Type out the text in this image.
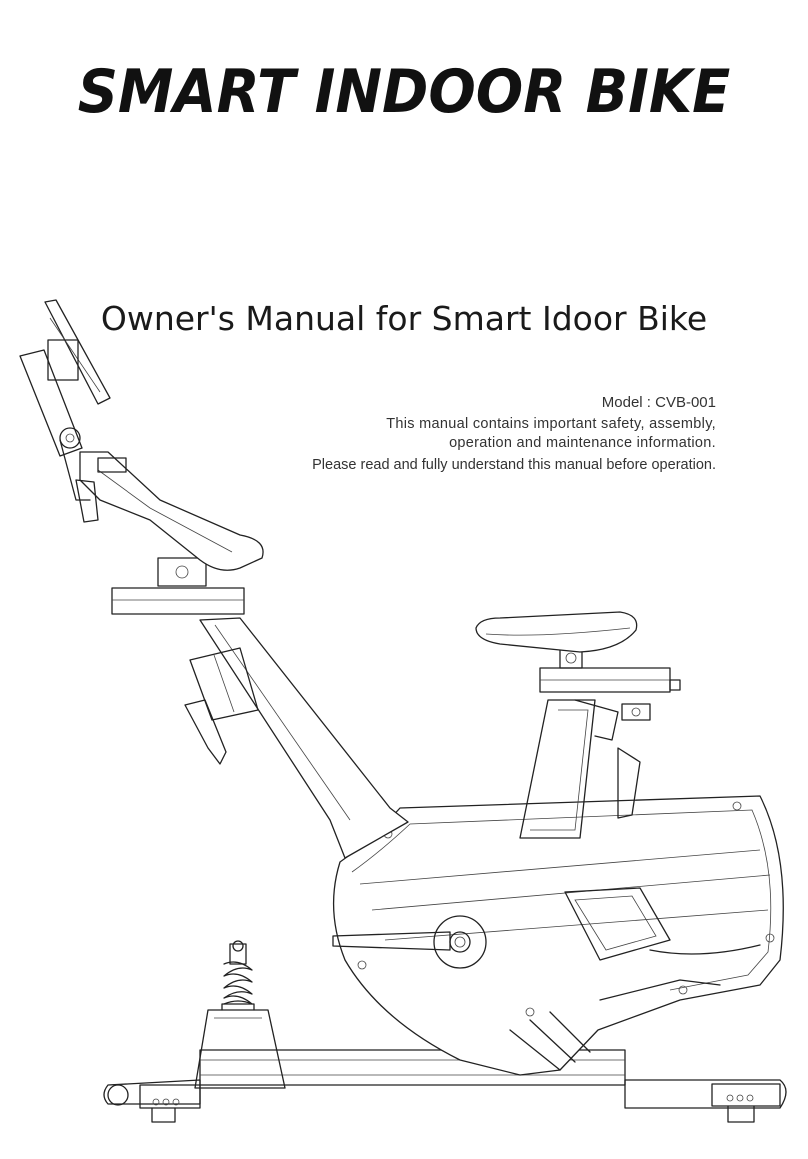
SMART INDOOR BIKE
Owner's Manual for Smart Idoor Bike
Model : CVB-001
This manual contains important safety, assembly,
operation and maintenance information.
Please read and fully understand this manual before operation.
